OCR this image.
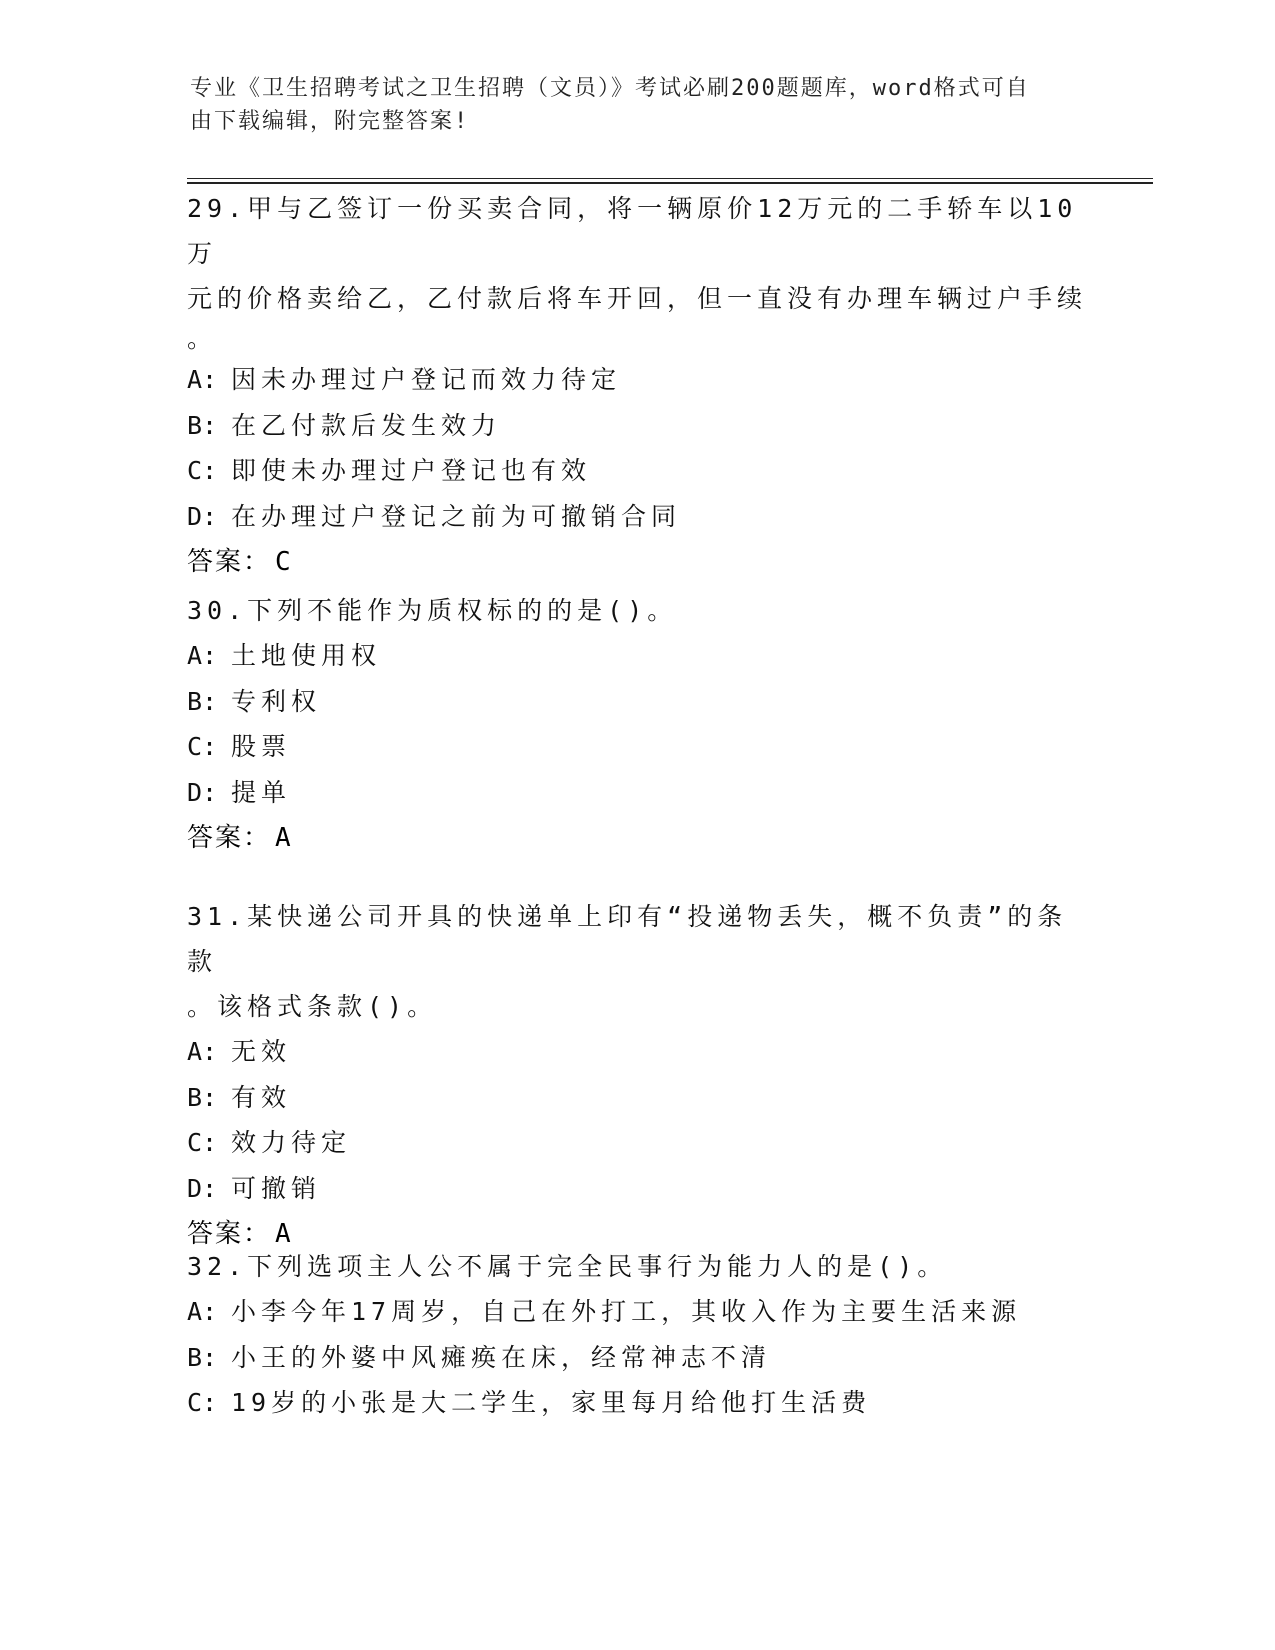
专业《卫生招聘考试之卫生招聘（文员）》考试必刷200题题库，word格式可自
由下载编辑，附完整答案!

29.甲与乙签订一份买卖合同，将一辆原价12万元的二手轿车以10万

元的价格卖给乙，乙付款后将车开回，但一直没有办理车辆过户手续

。

A: 因未办理过户登记而效力待定

B: 在乙付款后发生效力

C: 即使未办理过户登记也有效

D: 在办理过户登记之前为可撤销合同

答案： C

30.下列不能作为质权标的的是()。

A: 土地使用权

B: 专利权

C: 股票

D: 提单

答案： A

31.某快递公司开具的快递单上印有“投递物丢失，概不负责”的条款

。该格式条款()。

A: 无效

B: 有效

C: 效力待定

D: 可撤销

答案： A

32.下列选项主人公不属于完全民事行为能力人的是()。

A: 小李今年17周岁，自己在外打工，其收入作为主要生活来源

B: 小王的外婆中风瘫痪在床，经常神志不清

C: 19岁的小张是大二学生，家里每月给他打生活费
